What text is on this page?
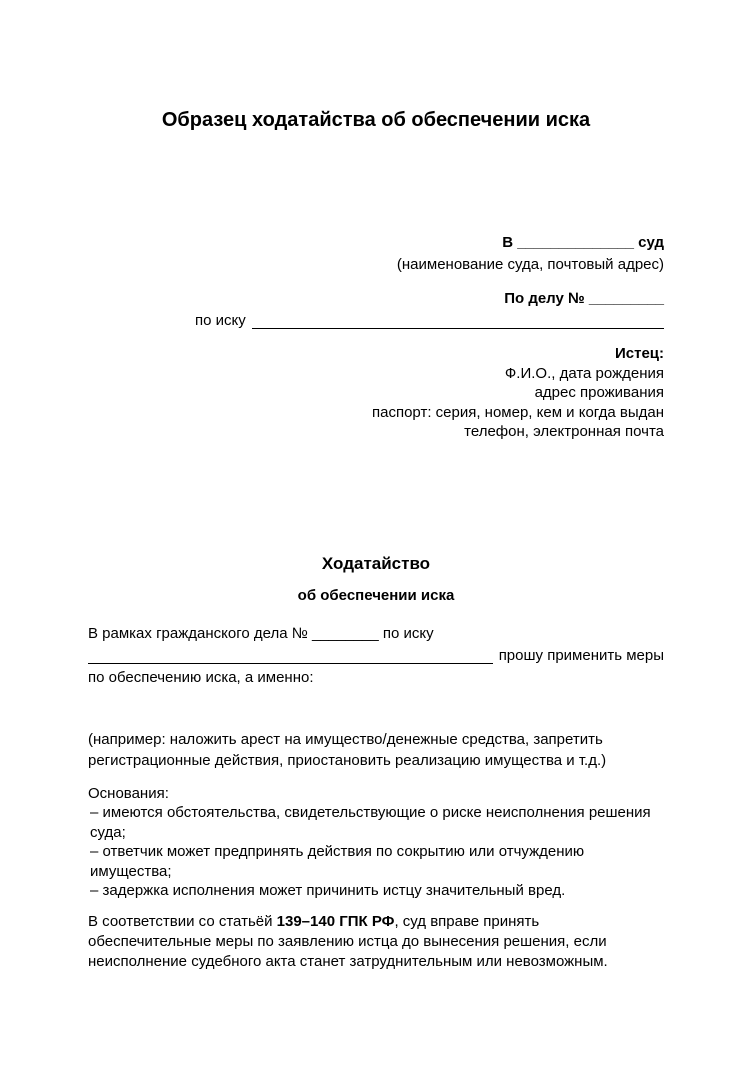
Образец ходатайства об обеспечении иска
В ______________ суд
(наименование суда, почтовый адрес)
По делу № _________
по иску
Истец:
Ф.И.О., дата рождения
адрес проживания
паспорт: серия, номер, кем и когда выдан
телефон, электронная почта
Ходатайство
об обеспечении иска
В рамках гражданского дела № ________ по иску
прошу применить меры
по обеспечению иска, а именно:
(например: наложить арест на имущество/денежные средства, запретить регистрационные действия, приостановить реализацию имущества и т.д.)
Основания:
– имеются обстоятельства, свидетельствующие о риске неисполнения решения суда;
– ответчик может предпринять действия по сокрытию или отчуждению имущества;
– задержка исполнения может причинить истцу значительный вред.

В соответствии со статьёй 139–140 ГПК РФ, суд вправе принять обеспечительные меры по заявлению истца до вынесения решения, если неисполнение судебного акта станет затруднительным или невозможным.
